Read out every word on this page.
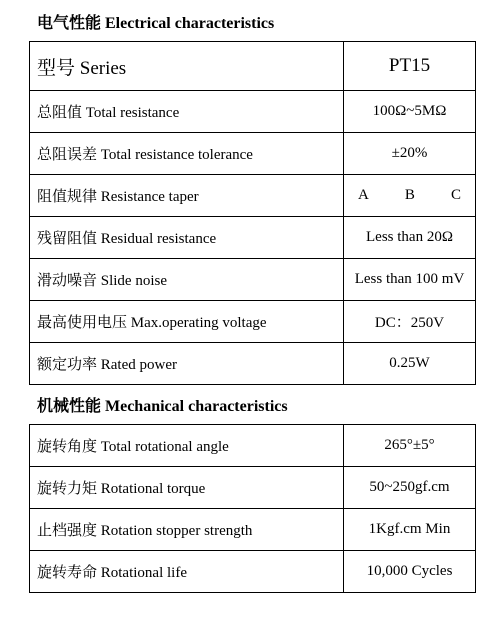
电气性能 Electrical characteristics
型号 Series	PT15
总阻值 Total resistance	100Ω~5MΩ
总阻误差 Total resistance tolerance	±20%
阻值规律 Resistance taper	A B C

残留阻值 Residual resistance	Less than 20Ω
滑动噪音 Slide noise	Less than 100 mV
最高使用电压 Max.operating voltage	DC：250V
额定功率 Rated power	0.25W
机械性能 Mechanical characteristics
旋转角度 Total rotational angle	265°±5°
旋转力矩 Rotational torque	50~250gf.cm
止档强度 Rotation stopper strength	1Kgf.cm Min
旋转寿命 Rotational life	10,000 Cycles
